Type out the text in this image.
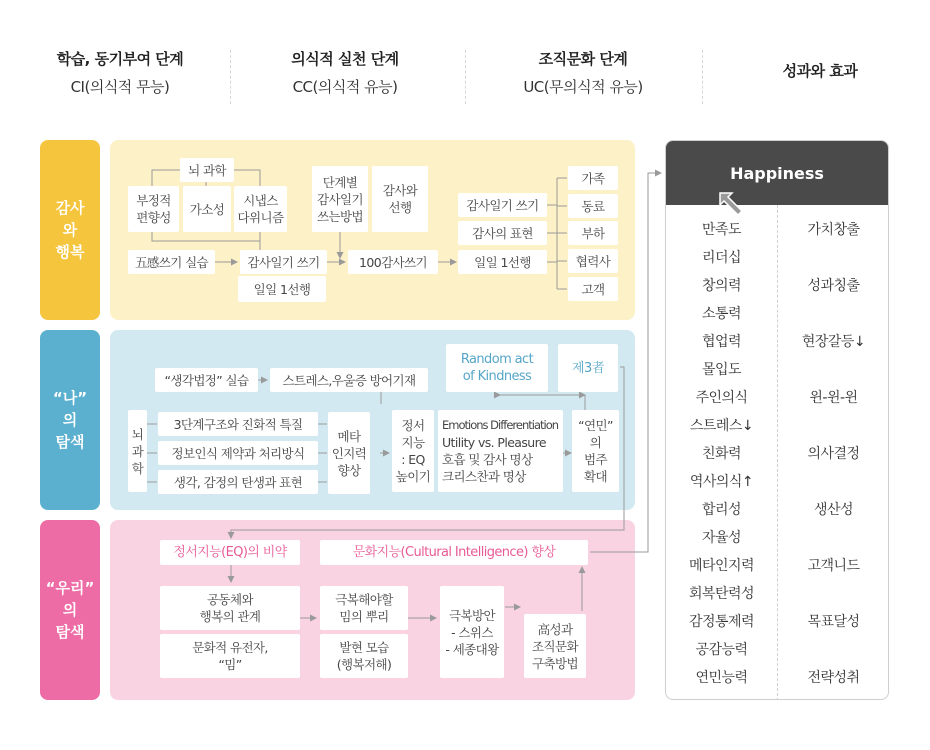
학습, 동기부여 단계
CI(의식적 무능)
의식적 실천 단계
CC(의식적 유능)
조직문화 단계
UC(무의식적 유능)
성과와 효과
감사
와
행복
“나”
의
탐색
“우리”
의
탐색
뇌 과학
부정적
편향성
가소성
시냅스
다위니즘
五感쓰기 실습	감사일기 쓰기
일일 1선행
단계별
감사일기
쓰는방법
감사와
선행
100감사쓰기
감사일기 쓰기
감사의 표현
일일 1선행
가족
동료
부하
협력사
고객
“생각법정” 실습	스트레스,우울증 방어기재
Random act
of Kindness
제3者
뇌
과
학
3단계구조와 진화적 특질
정보인식 제약과 처리방식
생각, 감정의 탄생과 표현
메타
인지력
향상
정서
지능
: EQ
높이기
Emotions Differentiation
Utility vs. Pleasure
호흡 및 감사 명상
크리스찬과 명상
“연민”
의
범주
확대
정서지능(EQ)의 비약	문화지능(Cultural Intelligence) 향상
공동체와
행복의 관계
문화적 유전자,
“밈”
극복해야할
밈의 뿌리
발현 모습
(행복저해)
극복방안
- 스위스
- 세종대왕
高성과
조직문화
구축방법
Happiness
만족도
리더십
창의력
소통력
협업력
몰입도
주인의식
스트레스↓
친화력
역사의식↑
합리성
자율성
메타인지력
회복탄력성
감정통제력
공감능력
연민능력
가치창출
성과칭출
현장갈등↓
윈-윈-윈
의사결정
생산성
고객니드
목표달성
전략성취
